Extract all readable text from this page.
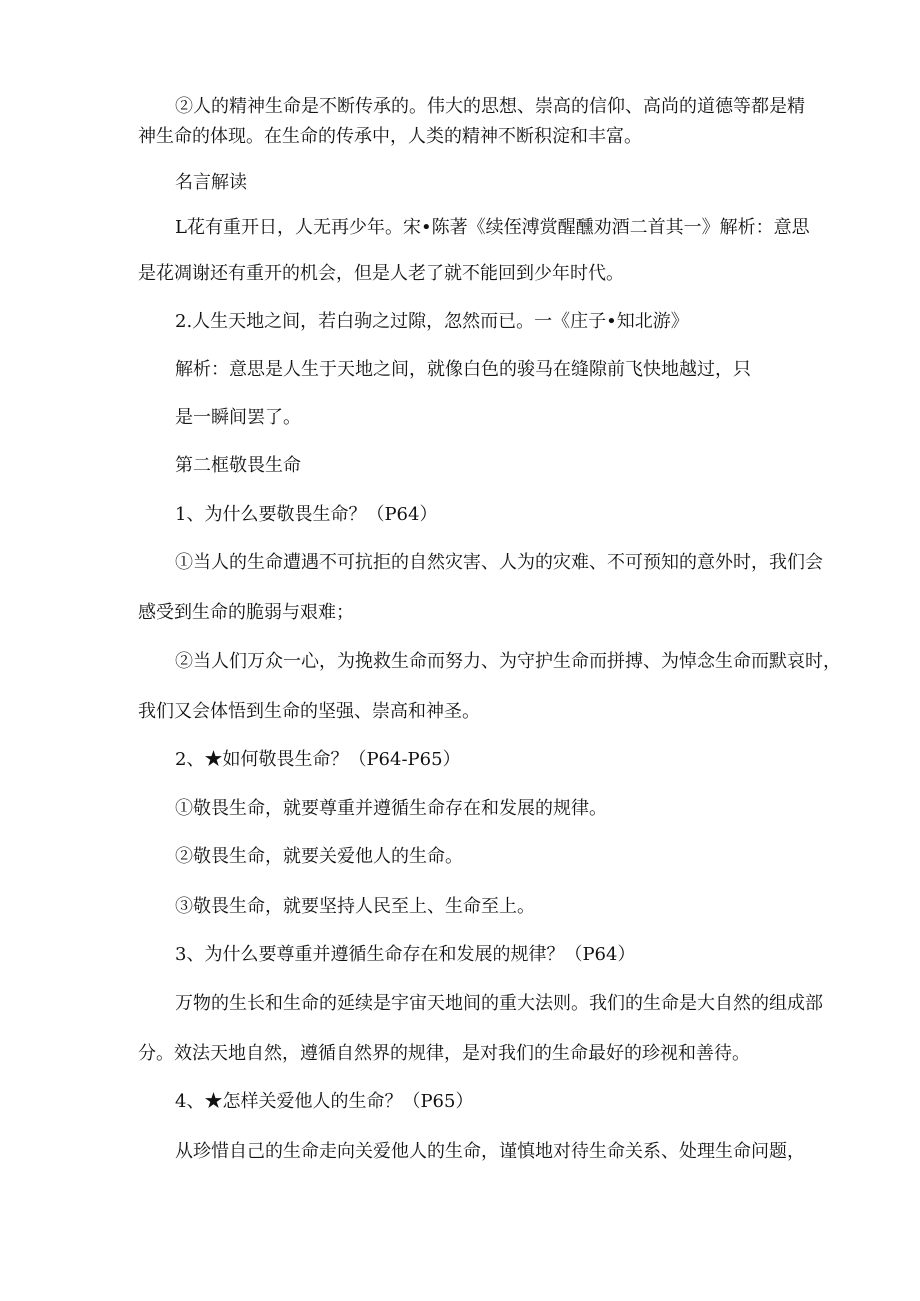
②人的精神生命是不断传承的。伟大的思想、崇高的信仰、高尚的道德等都是精
神生命的体现。在生命的传承中，人类的精神不断积淀和丰富。
名言解读
L花有重开日，人无再少年。宋•陈著《续侄溥赏醒醺劝酒二首其一》解析：意思
是花凋谢还有重开的机会，但是人老了就不能回到少年时代。
2.人生天地之间，若白驹之过隙，忽然而已。一《庄子•知北游》
解析：意思是人生于天地之间，就像白色的骏马在缝隙前飞快地越过，只
是一瞬间罢了。
第二框敬畏生命
1、为什么要敬畏生命？（P64）
①当人的生命遭遇不可抗拒的自然灾害、人为的灾难、不可预知的意外时，我们会
感受到生命的脆弱与艰难；
②当人们万众一心，为挽救生命而努力、为守护生命而拼搏、为悼念生命而默哀时，
我们又会体悟到生命的坚强、崇高和神圣。
2、★如何敬畏生命？（P64-P65）
①敬畏生命，就要尊重并遵循生命存在和发展的规律。
②敬畏生命，就要关爱他人的生命。
③敬畏生命，就要坚持人民至上、生命至上。
3、为什么要尊重并遵循生命存在和发展的规律？（P64）
万物的生长和生命的延续是宇宙天地间的重大法则。我们的生命是大自然的组成部
分。效法天地自然，遵循自然界的规律，是对我们的生命最好的珍视和善待。
4、★怎样关爱他人的生命？（P65）
从珍惜自己的生命走向关爱他人的生命，谨慎地对待生命关系、处理生命问题，
